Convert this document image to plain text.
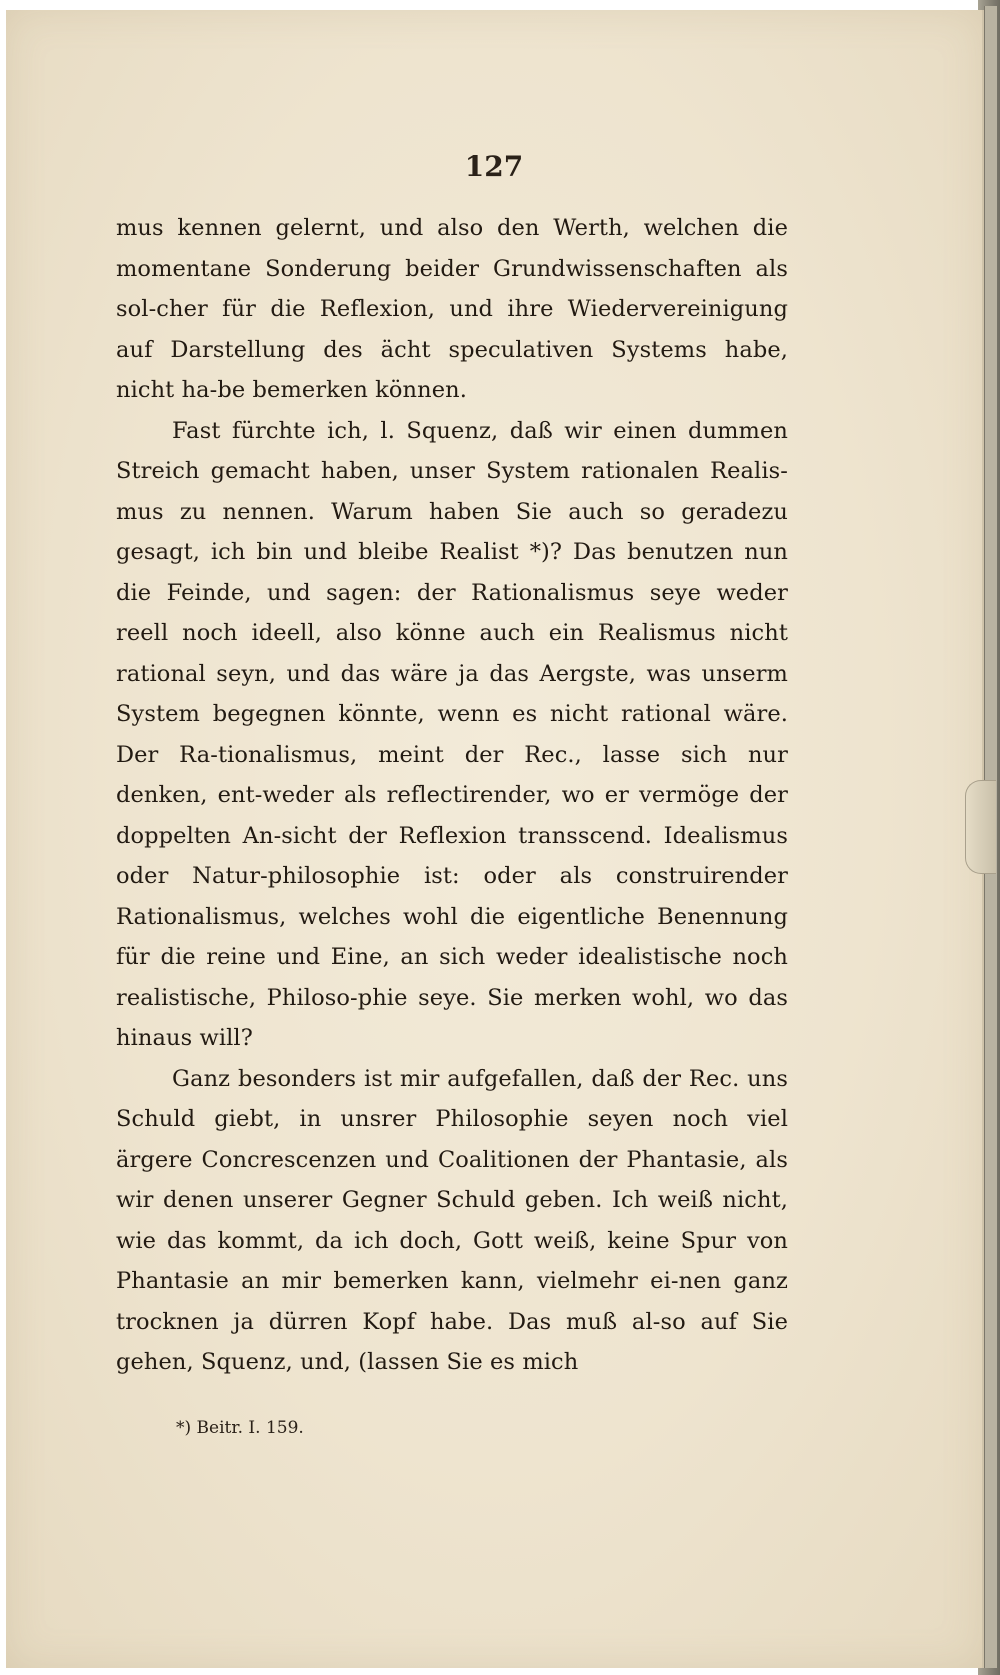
127

mus kennen gelernt, und also den Werth, welchen die momentane Sonderung beider Grundwissenschaften als sol-cher für die Reflexion, und ihre Wiedervereinigung auf Darstellung des ächt speculativen Systems habe, nicht ha-be bemerken können.

Fast fürchte ich, l. Squenz, daß wir einen dummen Streich gemacht haben, unser System rationalen Realis-mus zu nennen. Warum haben Sie auch so geradezu gesagt, ich bin und bleibe Realist *)? Das benutzen nun die Feinde, und sagen: der Rationalismus seye weder reell noch ideell, also könne auch ein Realismus nicht rational seyn, und das wäre ja das Aergste, was unserm System begegnen könnte, wenn es nicht rational wäre. Der Ra-tionalismus, meint der Rec., lasse sich nur denken, ent-weder als reflectirender, wo er vermöge der doppelten An-sicht der Reflexion transscend. Idealismus oder Natur-philosophie ist: oder als construirender Rationalismus, welches wohl die eigentliche Benennung für die reine und Eine, an sich weder idealistische noch realistische, Philoso-phie seye. Sie merken wohl, wo das hinaus will?

Ganz besonders ist mir aufgefallen, daß der Rec. uns Schuld giebt, in unsrer Philosophie seyen noch viel ärgere Concrescenzen und Coalitionen der Phantasie, als wir denen unserer Gegner Schuld geben. Ich weiß nicht, wie das kommt, da ich doch, Gott weiß, keine Spur von Phantasie an mir bemerken kann, vielmehr ei-nen ganz trocknen ja dürren Kopf habe. Das muß al-so auf Sie gehen, Squenz, und, (lassen Sie es mich

*) Beitr. I. 159.
